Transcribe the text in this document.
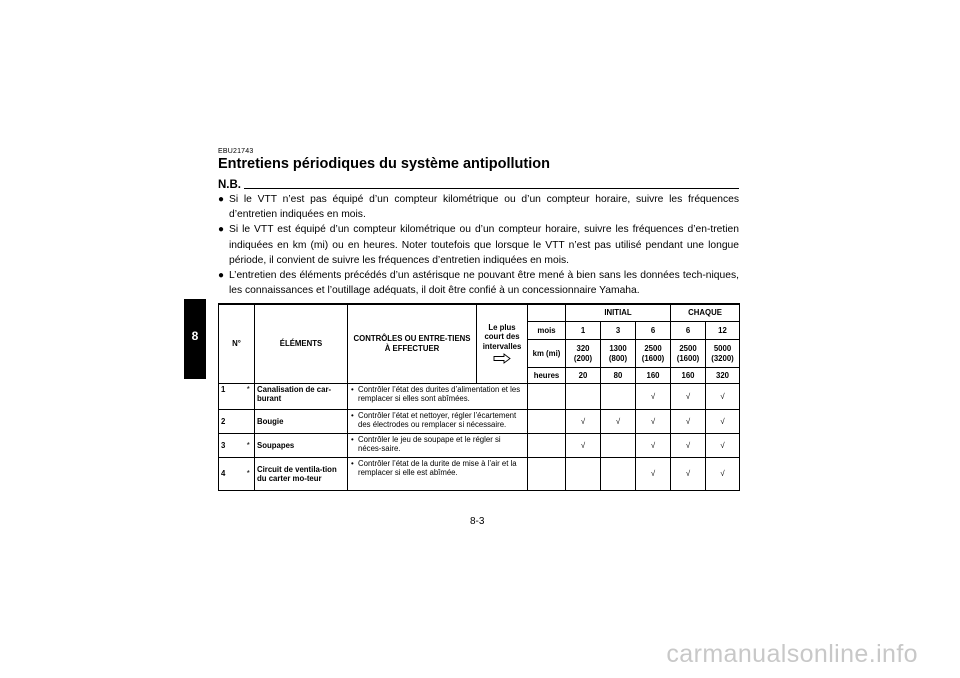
8
EBU21743
Entretiens périodiques du système antipollution
N.B.
● Si le VTT n’est pas équipé d’un compteur kilométrique ou d’un compteur horaire, suivre les fréquences d’entretien indiquées en mois.
● Si le VTT est équipé d’un compteur kilométrique ou d’un compteur horaire, suivre les fréquences d’en-tretien indiquées en km (mi) ou en heures. Noter toutefois que lorsque le VTT n’est pas utilisé pendant une longue période, il convient de suivre les fréquences d’entretien indiquées en mois.
● L’entretien des éléments précédés d’un astérisque ne pouvant être mené à bien sans les données tech-niques, les connaissances et l’outillage adéquats, il doit être confié à un concessionnaire Yamaha.
N°		ÉLÉMENTS	CONTRÔLES OU ENTRE-TIENS À EFFECTUER	Le plus court des intervalles		INITIAL			CHAQUE	
					mois	1	3	6	6	12
					km (mi)	320 (200)	1300 (800)	2500 (1600)	2500 (1600)	5000 (3200)
					heures	20	80	160	160	320
1	*	Canalisation de car-burant	• Contrôler l’état des durites d’alimentation et les remplacer si elles sont abîmées.					√	√	√
2		Bougie	• Contrôler l’état et nettoyer, régler l’écartement des électrodes ou remplacer si nécessaire.			√	√	√	√	√
3	*	Soupapes	• Contrôler le jeu de soupape et le régler si néces-saire.			√		√	√	√
4	*	Circuit de ventila-tion du carter mo-teur	• Contrôler l’état de la durite de mise à l’air et la remplacer si elle est abîmée.					√	√	√
8-3
carmanualsonline.info
